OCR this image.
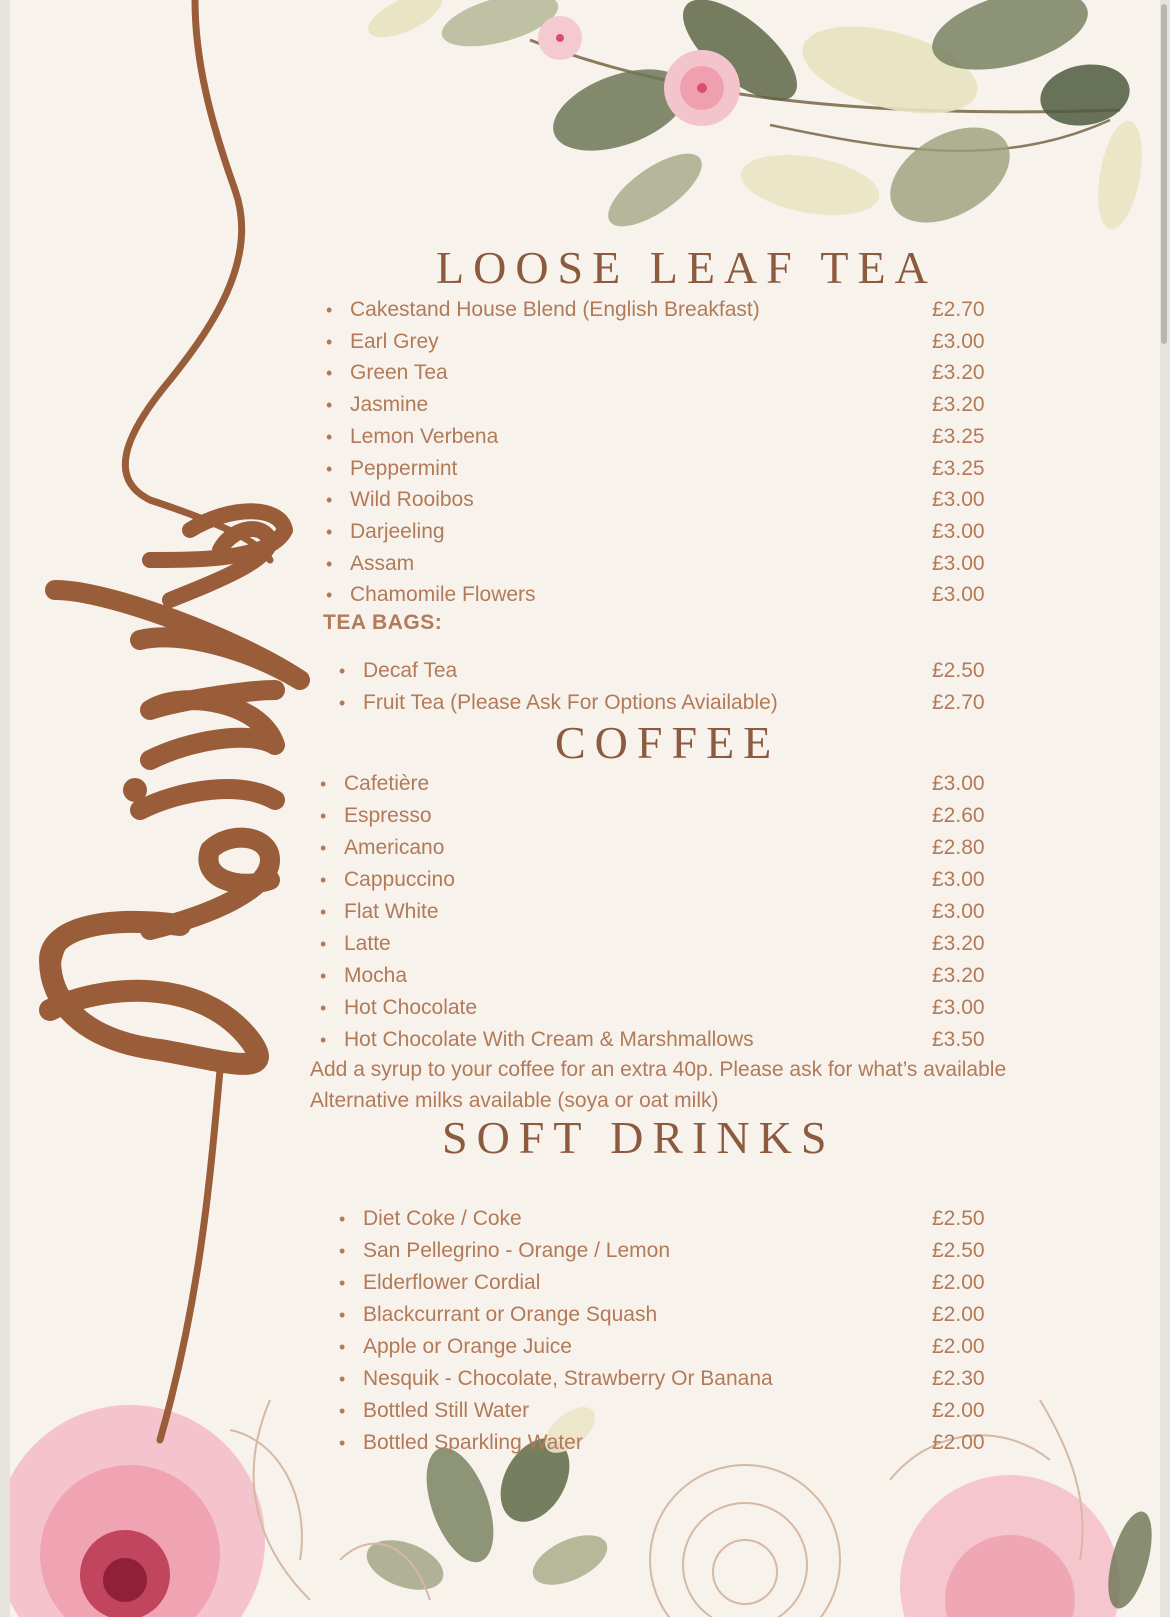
LOOSE LEAF TEA
• Cakestand House Blend (English Breakfast)	£2.70
• Earl Grey	£3.00
• Green Tea	£3.20
• Jasmine	£3.20
• Lemon Verbena	£3.25
• Peppermint	£3.25
• Wild Rooibos	£3.00
• Darjeeling	£3.00
• Assam	£3.00
• Chamomile Flowers	£3.00
TEA BAGS:
• Decaf Tea	£2.50
• Fruit Tea (Please Ask For Options Aviailable)	£2.70
COFFEE
• Cafetière	£3.00
• Espresso	£2.60
• Americano	£2.80
• Cappuccino	£3.00
• Flat White	£3.00
• Latte	£3.20
• Mocha	£3.20
• Hot Chocolate	£3.00
• Hot Chocolate With Cream & Marshmallows	£3.50
Add a syrup to your coffee for an extra 40p. Please ask for what’s available
Alternative milks available (soya or oat milk)
SOFT DRINKS
• Diet Coke / Coke	£2.50
• San Pellegrino - Orange / Lemon	£2.50
• Elderflower Cordial	£2.00
• Blackcurrant or Orange Squash	£2.00
• Apple or Orange Juice	£2.00
• Nesquik - Chocolate, Strawberry Or Banana	£2.30
• Bottled Still Water	£2.00
• Bottled Sparkling Water	£2.00
